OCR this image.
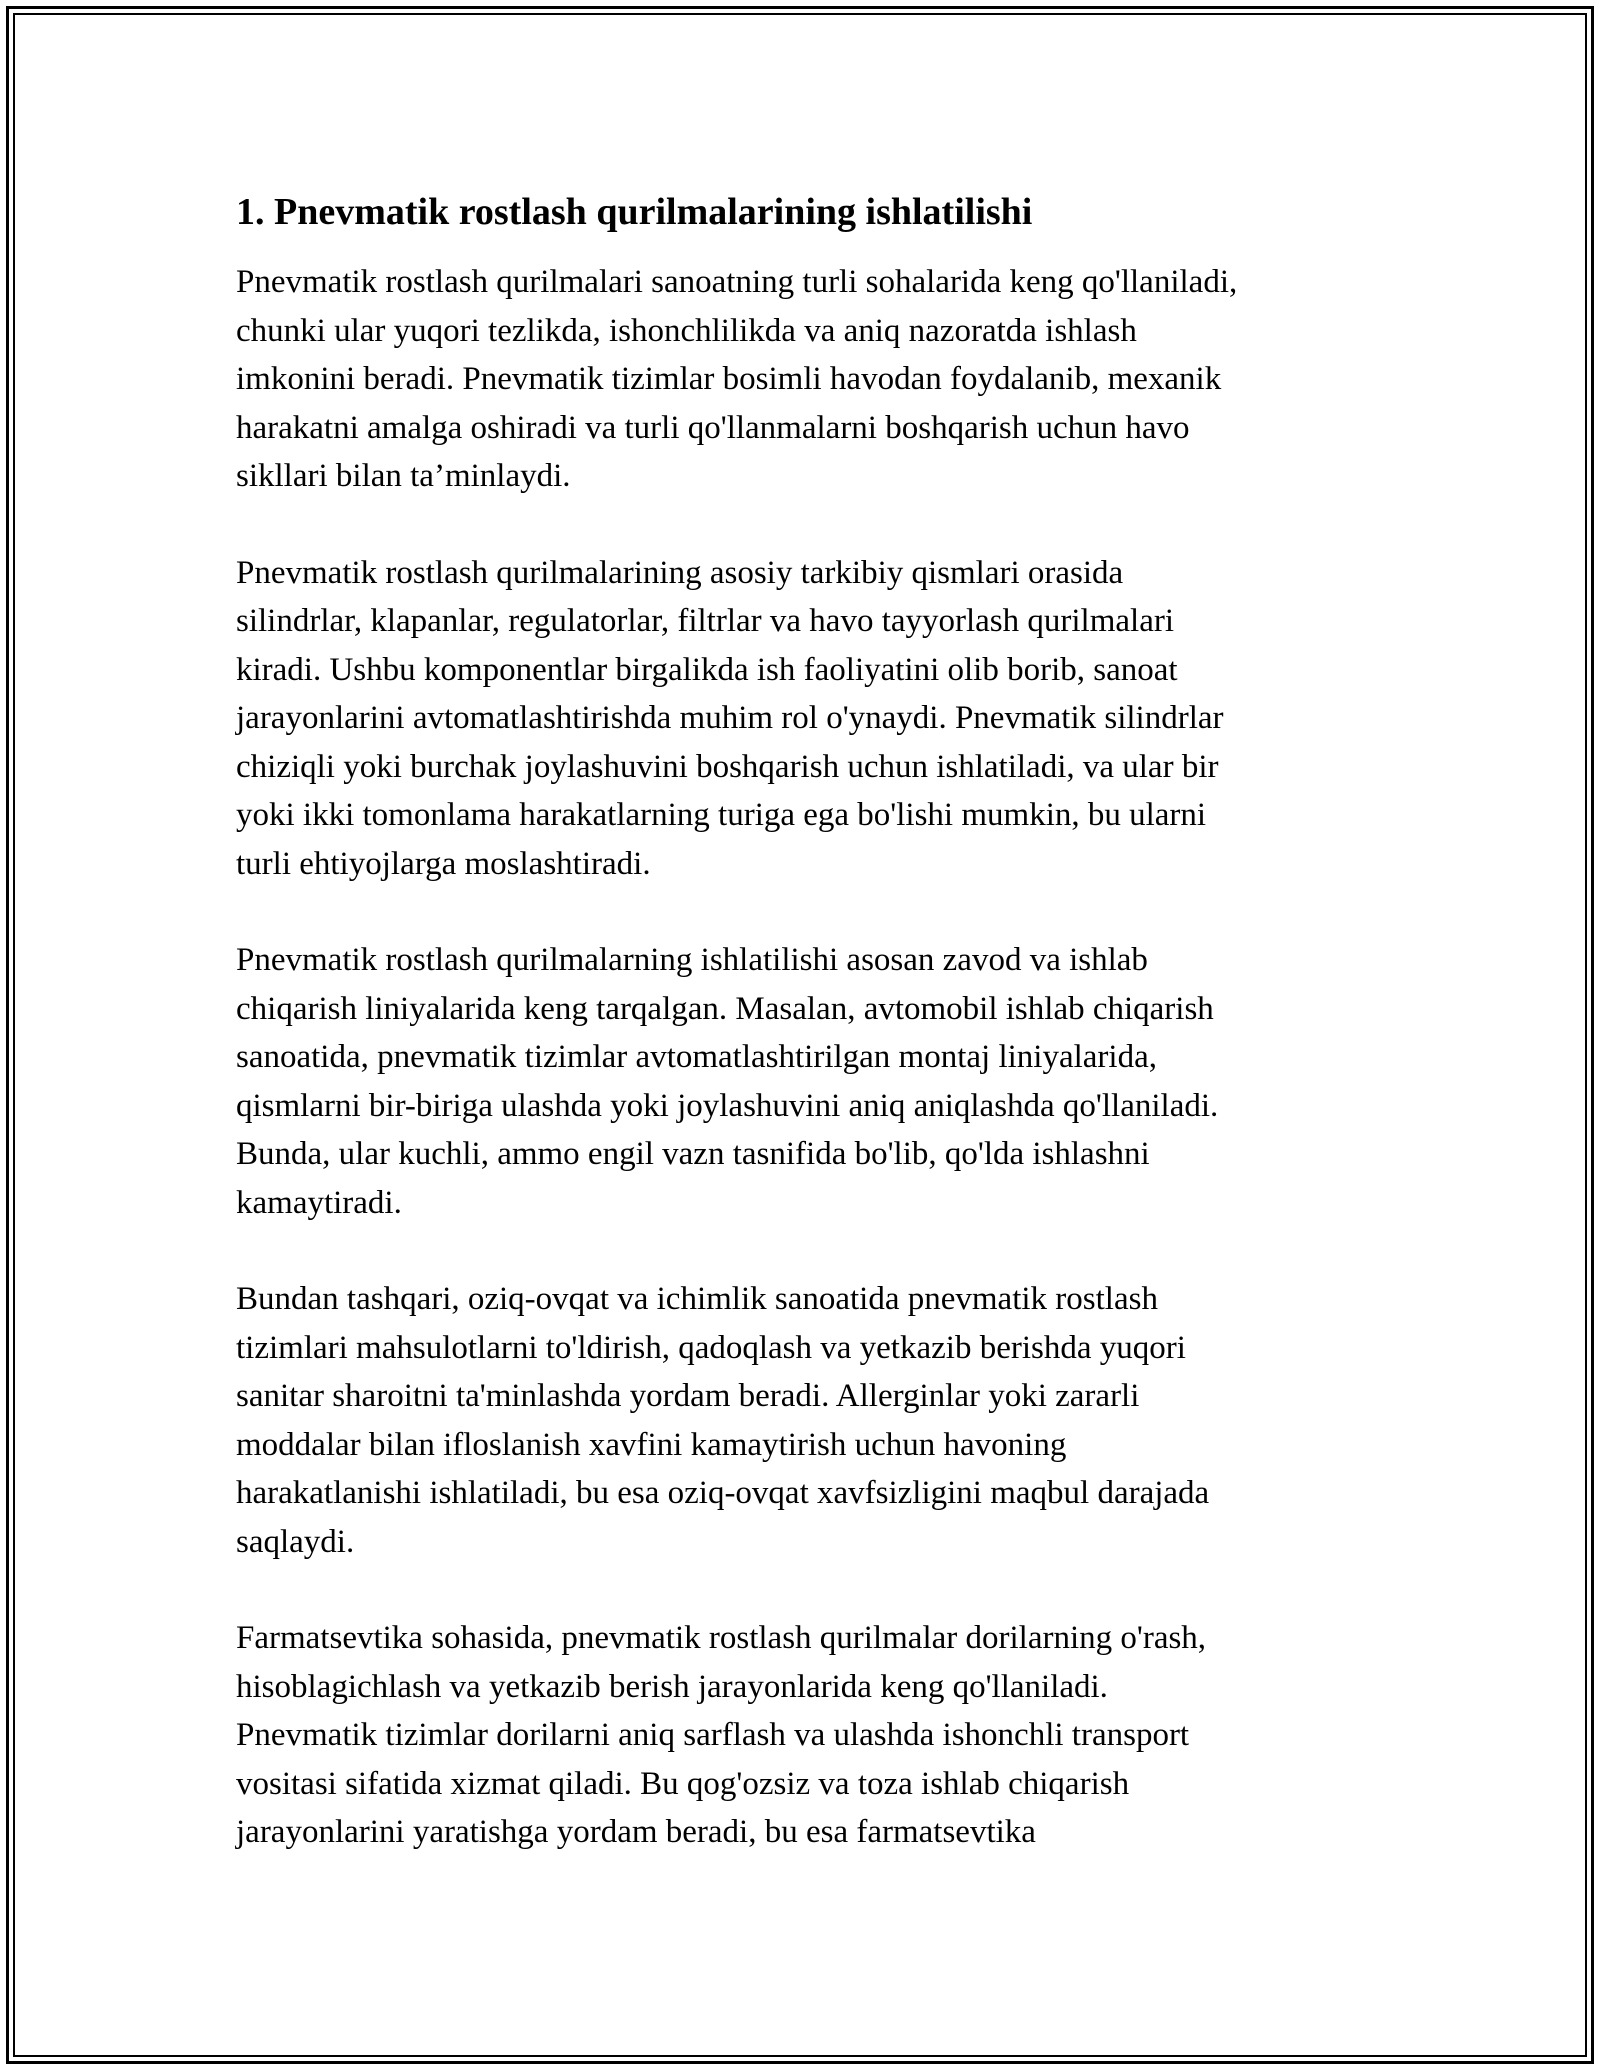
1. Pnevmatik rostlash qurilmalarining ishlatilishi

Pnevmatik rostlash qurilmalari sanoatning turli sohalarida keng qo'llaniladi,
chunki ular yuqori tezlikda, ishonchlilikda va aniq nazoratda ishlash
imkonini beradi. Pnevmatik tizimlar bosimli havodan foydalanib, mexanik
harakatni amalga oshiradi va turli qo'llanmalarni boshqarish uchun havo
sikllari bilan ta’minlaydi.

Pnevmatik rostlash qurilmalarining asosiy tarkibiy qismlari orasida
silindrlar, klapanlar, regulatorlar, filtrlar va havo tayyorlash qurilmalari
kiradi. Ushbu komponentlar birgalikda ish faoliyatini olib borib, sanoat
jarayonlarini avtomatlashtirishda muhim rol o'ynaydi. Pnevmatik silindrlar
chiziqli yoki burchak joylashuvini boshqarish uchun ishlatiladi, va ular bir
yoki ikki tomonlama harakatlarning turiga ega bo'lishi mumkin, bu ularni
turli ehtiyojlarga moslashtiradi.

Pnevmatik rostlash qurilmalarning ishlatilishi asosan zavod va ishlab
chiqarish liniyalarida keng tarqalgan. Masalan, avtomobil ishlab chiqarish
sanoatida, pnevmatik tizimlar avtomatlashtirilgan montaj liniyalarida,
qismlarni bir-biriga ulashda yoki joylashuvini aniq aniqlashda qo'llaniladi.
Bunda, ular kuchli, ammo engil vazn tasnifida bo'lib, qo'lda ishlashni
kamaytiradi.

Bundan tashqari, oziq-ovqat va ichimlik sanoatida pnevmatik rostlash
tizimlari mahsulotlarni to'ldirish, qadoqlash va yetkazib berishda yuqori
sanitar sharoitni ta'minlashda yordam beradi. Allerginlar yoki zararli
moddalar bilan ifloslanish xavfini kamaytirish uchun havoning
harakatlanishi ishlatiladi, bu esa oziq-ovqat xavfsizligini maqbul darajada
saqlaydi.

Farmatsevtika sohasida, pnevmatik rostlash qurilmalar dorilarning o'rash,
hisoblagichlash va yetkazib berish jarayonlarida keng qo'llaniladi.
Pnevmatik tizimlar dorilarni aniq sarflash va ulashda ishonchli transport
vositasi sifatida xizmat qiladi. Bu qog'ozsiz va toza ishlab chiqarish
jarayonlarini yaratishga yordam beradi, bu esa farmatsevtika
